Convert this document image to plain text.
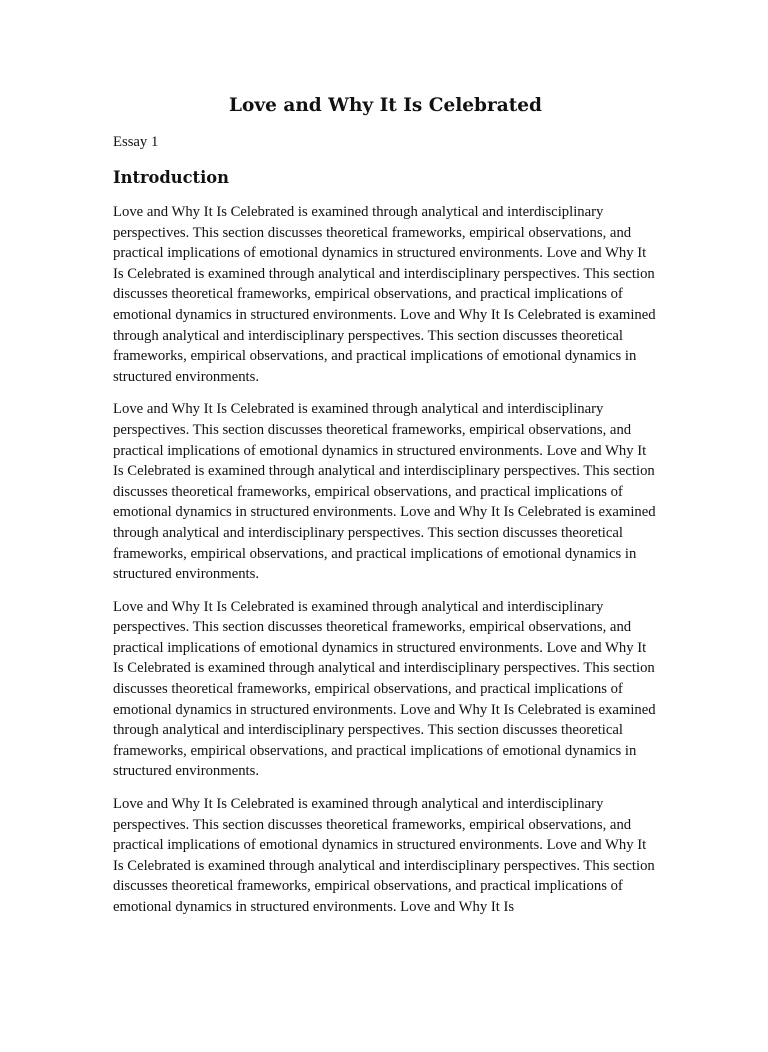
Love and Why It Is Celebrated

Essay 1

Introduction

Love and Why It Is Celebrated is examined through analytical and interdisciplinary perspectives. This section discusses theoretical frameworks, empirical observations, and practical implications of emotional dynamics in structured environments. Love and Why It Is Celebrated is examined through analytical and interdisciplinary perspectives. This section discusses theoretical frameworks, empirical observations, and practical implications of emotional dynamics in structured environments. Love and Why It Is Celebrated is examined through analytical and interdisciplinary perspectives. This section discusses theoretical frameworks, empirical observations, and practical implications of emotional dynamics in structured environments.

Love and Why It Is Celebrated is examined through analytical and interdisciplinary perspectives. This section discusses theoretical frameworks, empirical observations, and practical implications of emotional dynamics in structured environments. Love and Why It Is Celebrated is examined through analytical and interdisciplinary perspectives. This section discusses theoretical frameworks, empirical observations, and practical implications of emotional dynamics in structured environments. Love and Why It Is Celebrated is examined through analytical and interdisciplinary perspectives. This section discusses theoretical frameworks, empirical observations, and practical implications of emotional dynamics in structured environments.

Love and Why It Is Celebrated is examined through analytical and interdisciplinary perspectives. This section discusses theoretical frameworks, empirical observations, and practical implications of emotional dynamics in structured environments. Love and Why It Is Celebrated is examined through analytical and interdisciplinary perspectives. This section discusses theoretical frameworks, empirical observations, and practical implications of emotional dynamics in structured environments. Love and Why It Is Celebrated is examined through analytical and interdisciplinary perspectives. This section discusses theoretical frameworks, empirical observations, and practical implications of emotional dynamics in structured environments.

Love and Why It Is Celebrated is examined through analytical and interdisciplinary perspectives. This section discusses theoretical frameworks, empirical observations, and practical implications of emotional dynamics in structured environments. Love and Why It Is Celebrated is examined through analytical and interdisciplinary perspectives. This section discusses theoretical frameworks, empirical observations, and practical implications of emotional dynamics in structured environments. Love and Why It Is
